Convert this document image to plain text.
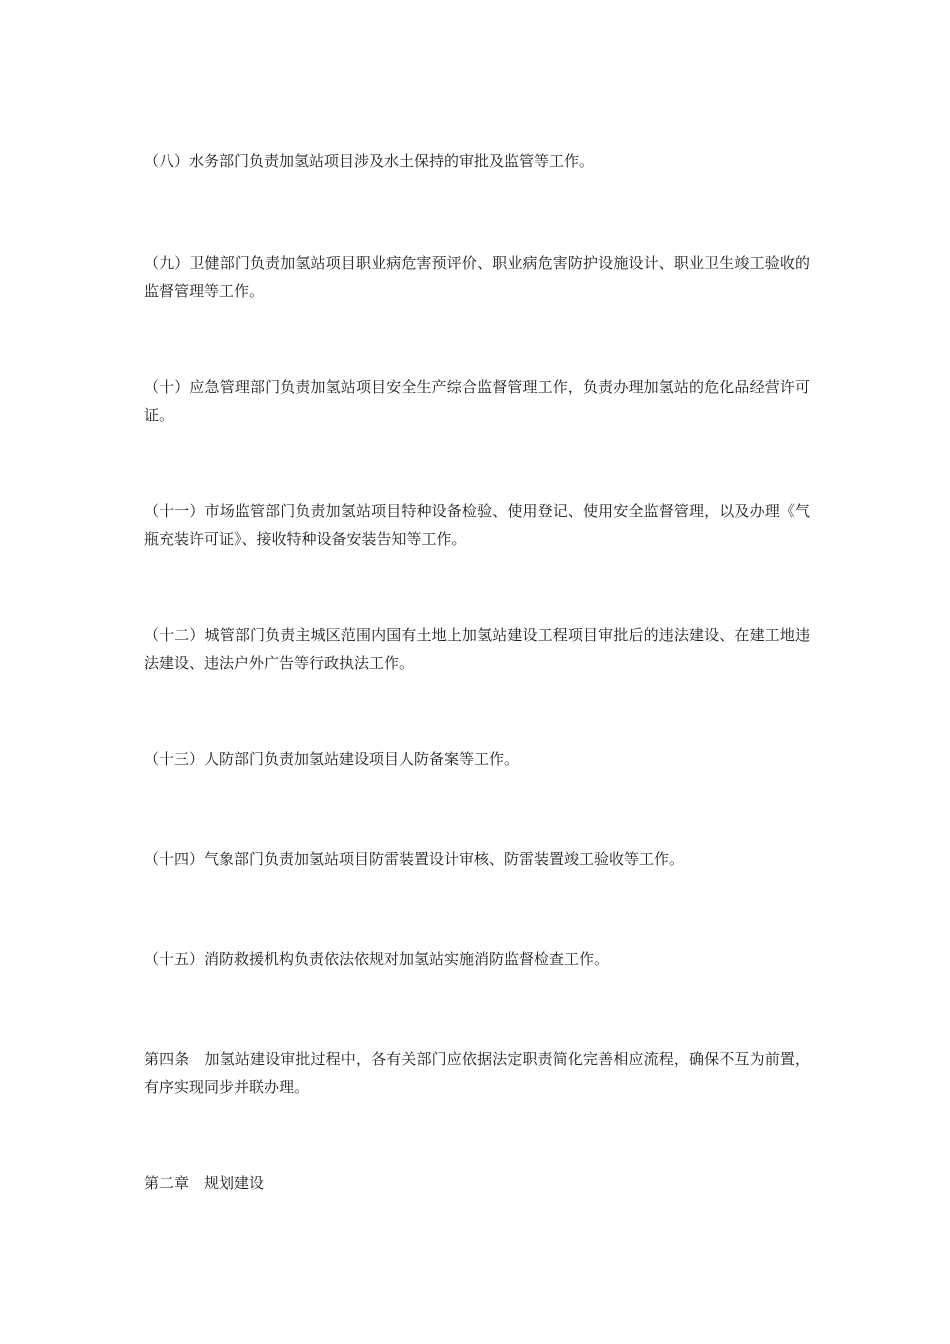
（八）水务部门负责加氢站项目涉及水土保持的审批及监管等工作。

（九）卫健部门负责加氢站项目职业病危害预评价、职业病危害防护设施设计、职业卫生竣工验收的监督管理等工作。

（十）应急管理部门负责加氢站项目安全生产综合监督管理工作，负责办理加氢站的危化品经营许可证。

（十一）市场监管部门负责加氢站项目特种设备检验、使用登记、使用安全监督管理，以及办理《气瓶充装许可证》、接收特种设备安装告知等工作。

（十二）城管部门负责主城区范围内国有土地上加氢站建设工程项目审批后的违法建设、在建工地违法建设、违法户外广告等行政执法工作。

（十三）人防部门负责加氢站建设项目人防备案等工作。

（十四）气象部门负责加氢站项目防雷装置设计审核、防雷装置竣工验收等工作。

（十五）消防救援机构负责依法依规对加氢站实施消防监督检查工作。

第四条　加氢站建设审批过程中，各有关部门应依据法定职责简化完善相应流程，确保不互为前置，有序实现同步并联办理。

第二章　规划建设
